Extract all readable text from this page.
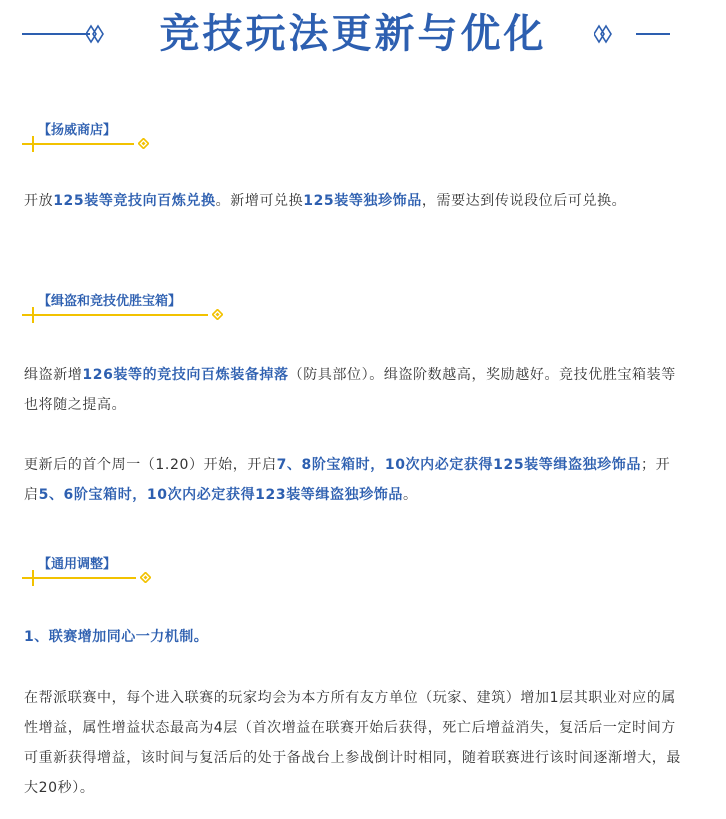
竞技玩法更新与优化
【扬威商店】
开放125装等竞技向百炼兑换。新增可兑换125装等独珍饰品，需要达到传说段位后可兑换。
【缉盗和竞技优胜宝箱】
缉盗新增126装等的竞技向百炼装备掉落（防具部位）。缉盗阶数越高，奖励越好。竞技优胜宝箱装等也将随之提高。
更新后的首个周一（1.20）开始，开启7、8阶宝箱时，10次内必定获得125装等缉盗独珍饰品；开启5、6阶宝箱时，10次内必定获得123装等缉盗独珍饰品。
【通用调整】
1、联赛增加同心一力机制。
在帮派联赛中，每个进入联赛的玩家均会为本方所有友方单位（玩家、建筑）增加1层其职业对应的属性增益，属性增益状态最高为4层（首次增益在联赛开始后获得，死亡后增益消失，复活后一定时间方可重新获得增益，该时间与复活后的处于备战台上参战倒计时相同，随着联赛进行该时间逐渐增大，最大20秒）。
